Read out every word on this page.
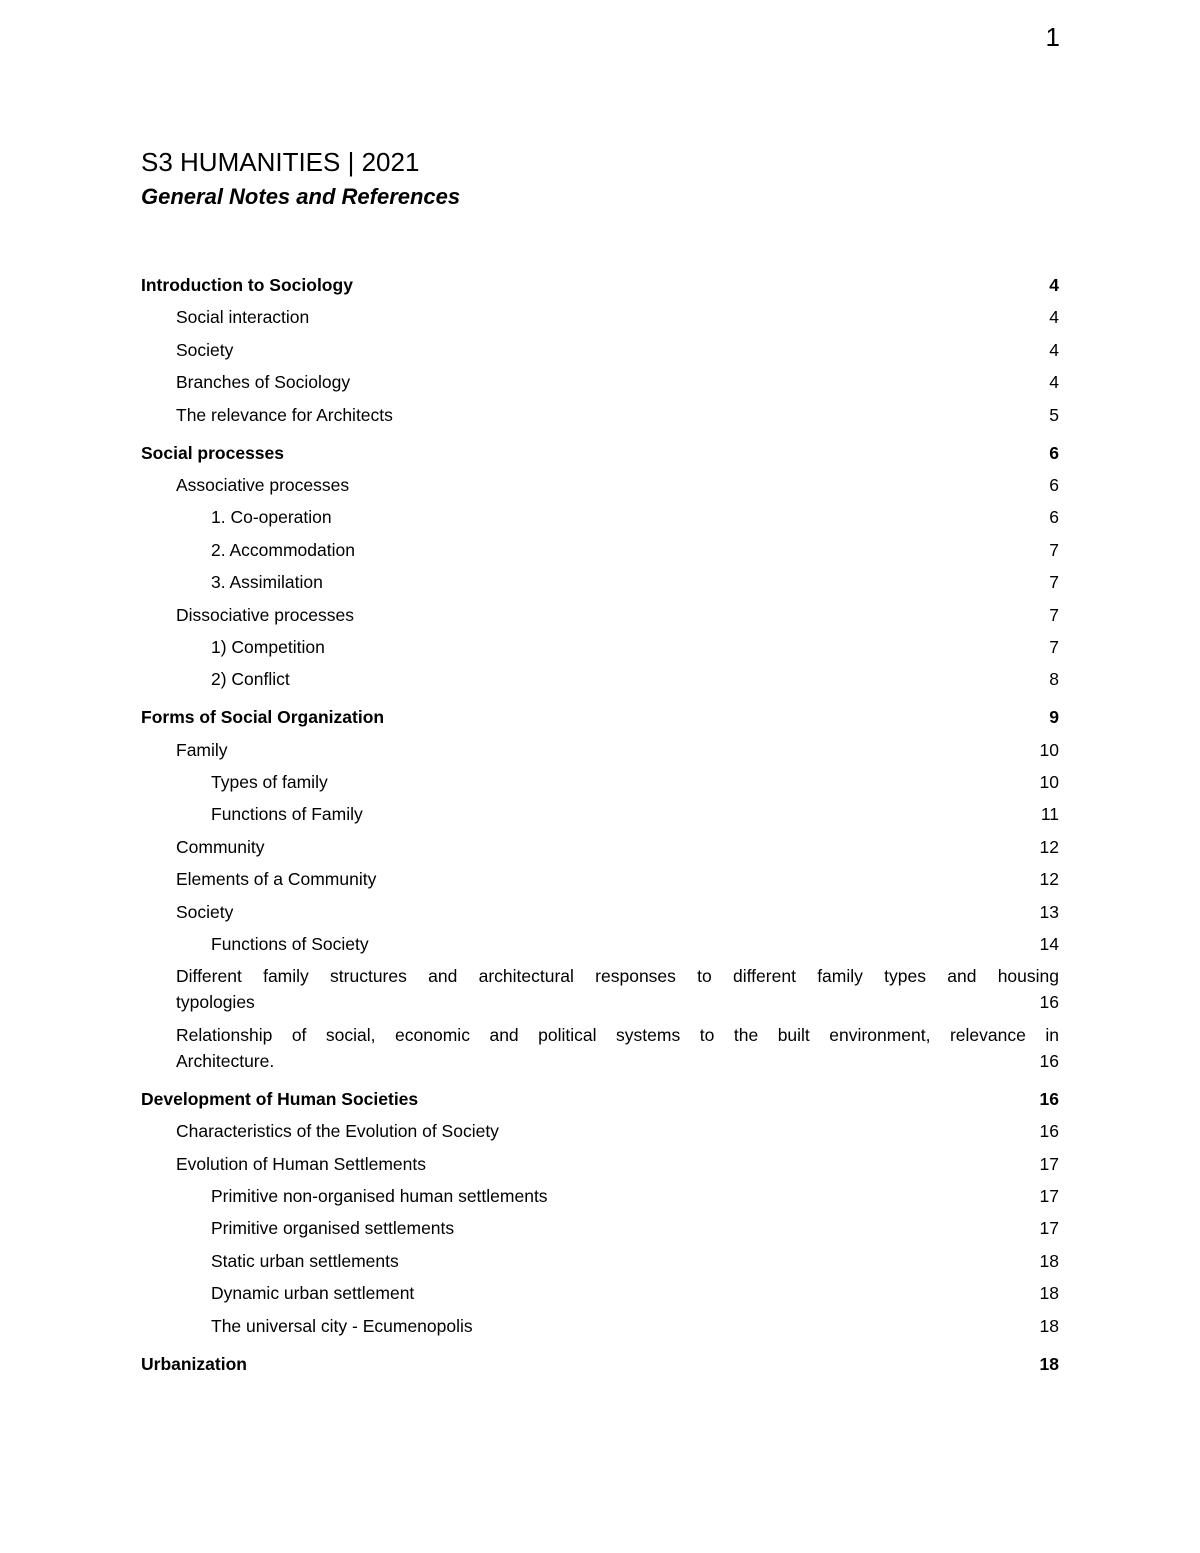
1
S3 HUMANITIES | 2021
General Notes and References
Introduction to Sociology	4
Social interaction	4
Society	4
Branches of Sociology	4
The relevance for Architects	5
Social processes	6
Associative processes	6
1. Co-operation	6
2. Accommodation	7
3. Assimilation	7
Dissociative processes	7
1) Competition	7
2) Conflict	8
Forms of Social Organization	9
Family	10
Types of family	10
Functions of Family	11
Community	12
Elements of a Community	12
Society	13
Functions of Society	14
Different family structures and architectural responses to different family types and housing
typologies	16
Relationship of social, economic and political systems to the built environment, relevance in
Architecture.	16
Development of Human Societies	16
Characteristics of the Evolution of Society	16
Evolution of Human Settlements	17
Primitive non-organised human settlements	17
Primitive organised settlements	17
Static urban settlements	18
Dynamic urban settlement	18
The universal city - Ecumenopolis	18
Urbanization	18
